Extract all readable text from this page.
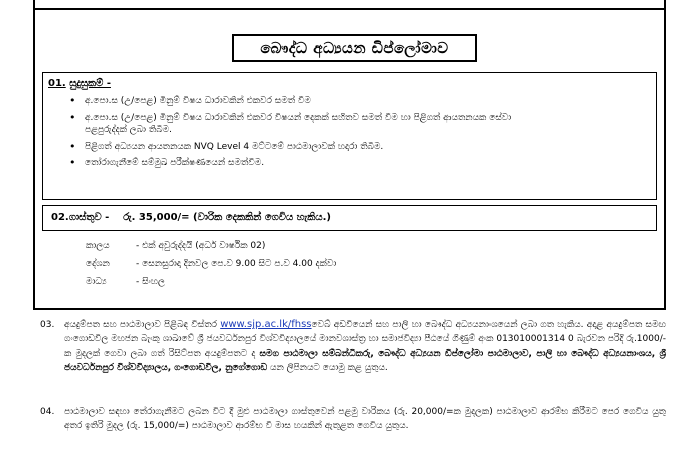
බෞද්ධ අධ්‍යයන ඩිප්ලෝමාව
01. සුදුසුකම් -
• අ.පො.ස (උ/පෙළ) මිනුම් විෂය ධාරාවකින් එකවර සමත් වීම
• අ.පො.ස (උ/පෙළ) මිනුම් විෂය ධාරාවකින් එකවර විෂයන් දෙකක් සහිතව සමත් වීම හා පිළිගත් ආයතනයක සේවා පළපුරුද්දක් ලබා තිබීම.
• පිළිගත් අධ්‍යයන ආයතනයක NVQ Level 4 මට්ටමේ පාඨමාලාවක් හදාරා තිබීම.
• තෝරාගැනීමේ සම්මුඛ පරීක්ෂණයෙන් සමත්වීම.
02.ගාස්තුව - රු. 35,000/= (වාරික දෙකකින් ගෙවිය හැකිය.)
කාලය	- එක් අවුරුද්දයි (අර්ධ වාර්ෂික 02)
දේශන	- සෙනසුරාදා දිනවල පෙ.ව 9.00 සිට ප.ව 4.00 දක්වා
මාධ්‍ය	- සිංහල
03. අයදුම්පත සහ පාඨමාලාව පිළිබඳ විස්තර www.sjp.ac.lk/fhssවෙබ් අඩවියෙන් සහ පාලි හා බෞද්ධ අධ්‍යයනාංශයෙන් ලබා ගත හැකිය. අදාළ අයදුම්පත සමඟ ගංගොඩවිල මහජන බැංකු ශාඛාවේ ශ්‍රී ජයවර්ධනපුර විශ්වවිද්‍යාලයේ මානවශාස්ත්‍ර හා සමාජවිද්‍යා පීඨයේ ගිණුම් අංක 013010001314 0 බැරවන පරිදි රු.1000/- ක මුදලක් ගෙවා ලබා ගත් රිසිට්පත අයදුම්පතට ද සමග පාඨමාලා සම්බන්ධීකරු, බෞද්ධ අධ්‍යයන ඩිප්ලෝමා පාඨමාලාව, පාලි හා බෞද්ධ අධ්‍යයනාංශය, ශ්‍රී ජයවර්ධනපුර විශ්වවිද්‍යාලය, ගංගොඩවිල, නුගේගොඩ යන ලිපිනයට යොමු කළ යුතුය.
04. පාඨමාලාව සඳහා තේරාගැනීමට ලබන විට දී මුළු පාඨමාලා ගාස්තුවෙන් පළමු වාරිකය (රු. 20,000/=ක මුදලක) පාඨමාලාව ආරම්භ කිරීමට පෙර ගෙවිය යුතු අතර ඉතිරි මුදල (රු. 15,000/=) පාඨමාලාව ආරම්භ වී මාස හයකින් ඇතුළත ගෙවිය යුතුය.
